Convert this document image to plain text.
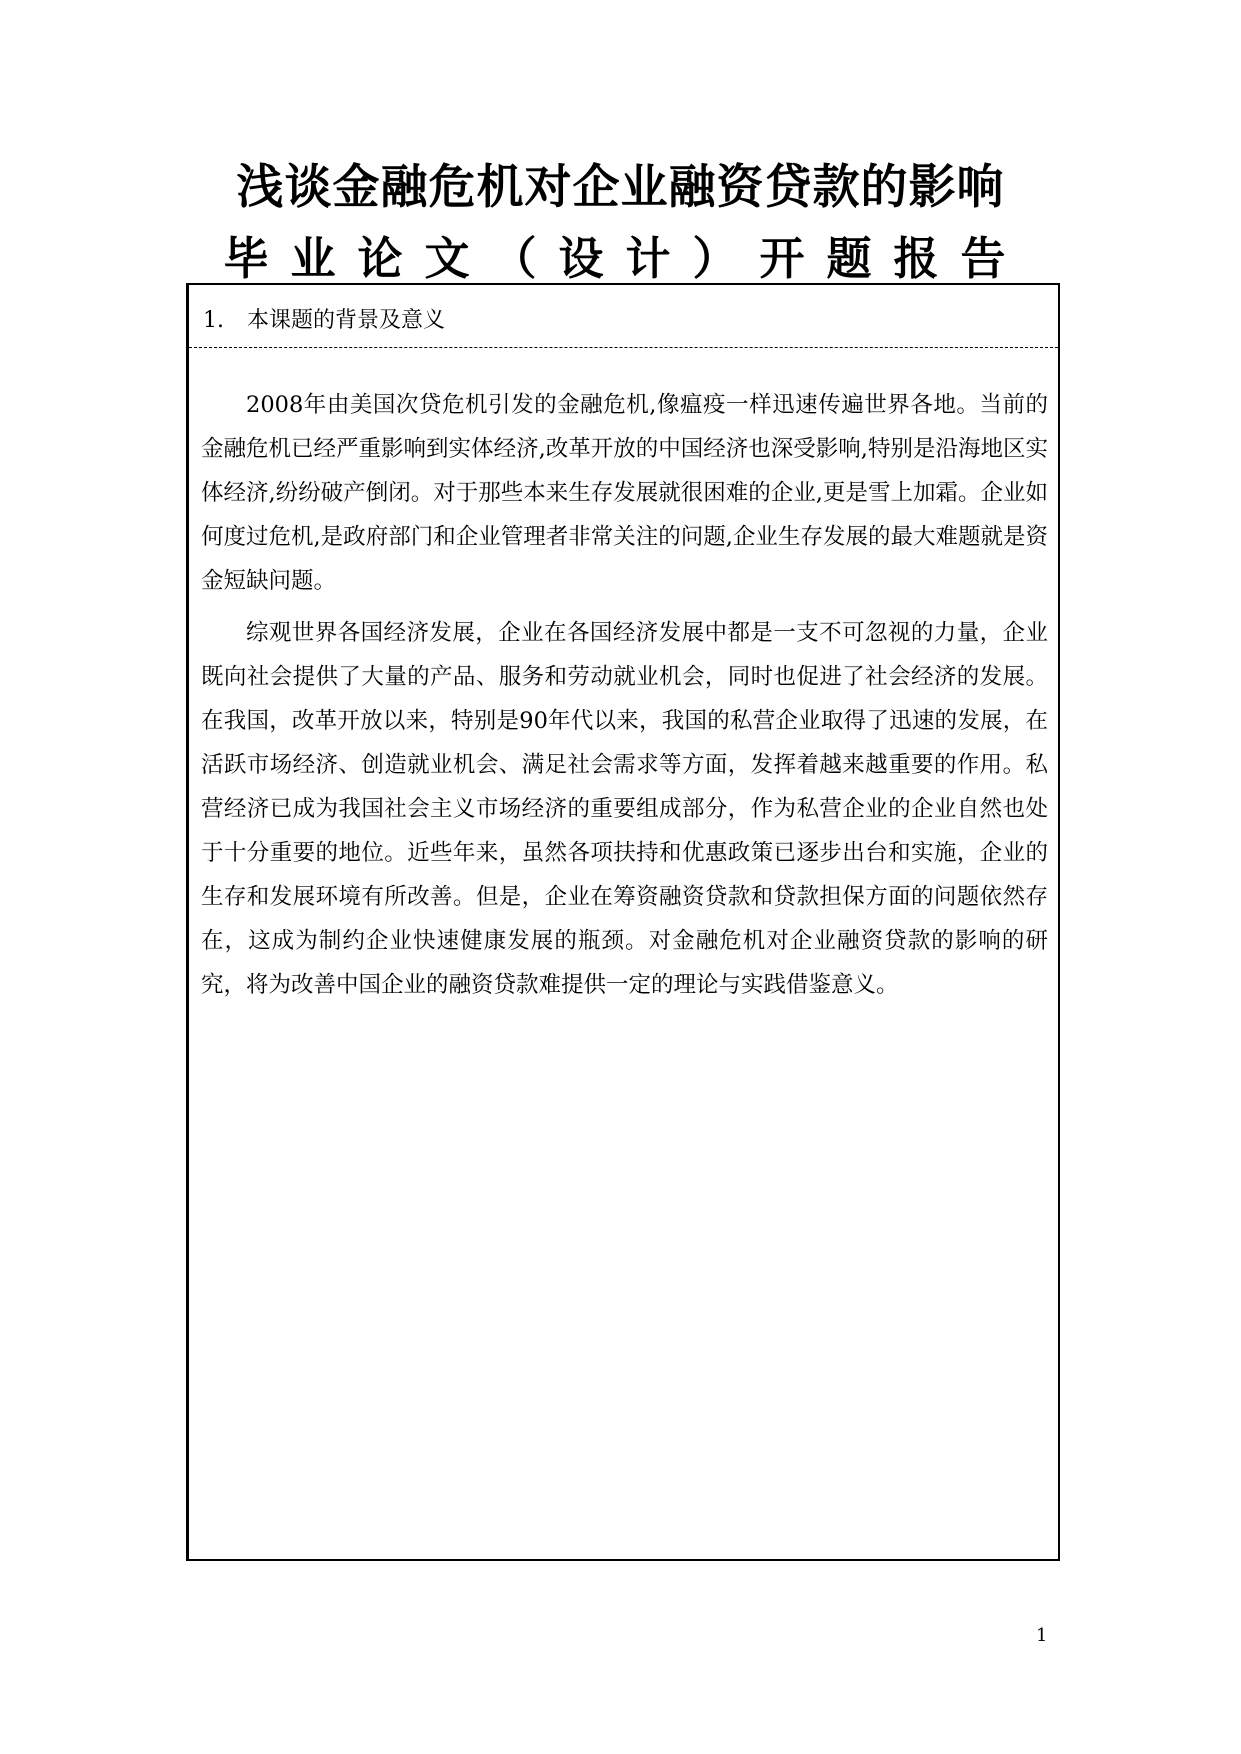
浅谈金融危机对企业融资贷款的影响
毕业论文（设计）开题报告
1. 本课题的背景及意义

2008年由美国次贷危机引发的金融危机,像瘟疫一样迅速传遍世界各地。当前的金融危机已经严重影响到实体经济,改革开放的中国经济也深受影响,特别是沿海地区实体经济,纷纷破产倒闭。对于那些本来生存发展就很困难的企业,更是雪上加霜。企业如何度过危机,是政府部门和企业管理者非常关注的问题,企业生存发展的最大难题就是资金短缺问题。

综观世界各国经济发展，企业在各国经济发展中都是一支不可忽视的力量，企业既向社会提供了大量的产品、服务和劳动就业机会，同时也促进了社会经济的发展。在我国，改革开放以来，特别是90年代以来，我国的私营企业取得了迅速的发展，在活跃市场经济、创造就业机会、满足社会需求等方面，发挥着越来越重要的作用。私营经济已成为我国社会主义市场经济的重要组成部分，作为私营企业的企业自然也处于十分重要的地位。近些年来，虽然各项扶持和优惠政策已逐步出台和实施，企业的生存和发展环境有所改善。但是，企业在筹资融资贷款和贷款担保方面的问题依然存在，这成为制约企业快速健康发展的瓶颈。对金融危机对企业融资贷款的影响的研究，将为改善中国企业的融资贷款难提供一定的理论与实践借鉴意义。

1
